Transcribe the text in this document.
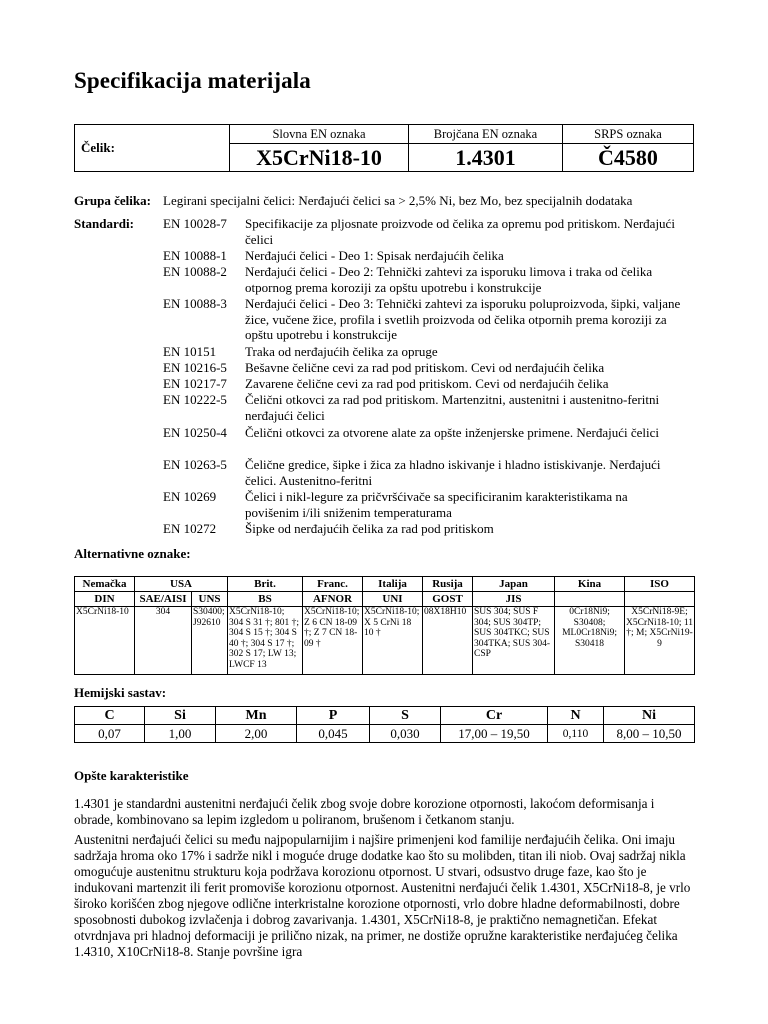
Specifikacija materijala
Čelik:	Slovna EN oznaka	Brojčana EN oznaka	SRPS oznaka
	X5CrNi18-10	1.4301	Č4580
Grupa čelika: Legirani specijalni čelici: Nerđajući čelici sa > 2,5% Ni, bez Mo, bez specijalnih dodataka
Standardi: EN 10028-7	Specifikacije za pljosnate proizvode od čelika za opremu pod pritiskom. Nerđajući čelici
EN 10088-1	Nerđajući čelici - Deo 1: Spisak nerđajućih čelika
EN 10088-2	Nerđajući čelici - Deo 2: Tehnički zahtevi za isporuku limova i traka od čelika otpornog prema koroziji za opštu upotrebu i konstrukcije
EN 10088-3	Nerđajući čelici - Deo 3: Tehnički zahtevi za isporuku poluproizvoda, šipki, valjane žice, vučene žice, profila i svetlih proizvoda od čelika otpornih prema koroziji za opštu upotrebu i konstrukcije
EN 10151	Traka od nerđajućih čelika za opruge
EN 10216-5	Bešavne čelične cevi za rad pod pritiskom. Cevi od nerđajućih čelika
EN 10217-7	Zavarene čelične cevi za rad pod pritiskom. Cevi od nerđajućih čelika
EN 10222-5	Čelični otkovci za rad pod pritiskom. Martenzitni, austenitni i austenitno-feritni nerđajući čelici
EN 10250-4	Čelični otkovci za otvorene alate za opšte inženjerske primene. Nerđajući čelici
EN 10263-5	Čelične gredice, šipke i žica za hladno iskivanje i hladno istiskivanje. Nerđajući čelici. Austenitno-feritni
EN 10269	Čelici i nikl-legure za pričvršćivače sa specificiranim karakteristikama na povišenim i/ili sniženim temperaturama
EN 10272	Šipke od nerđajućih čelika za rad pod pritiskom
Alternativne oznake:
Nemačka	USA		Brit.	Franc.	Italija	Rusija	Japan	Kina	ISO
DIN	SAE/AISI	UNS	BS	AFNOR	UNI	GOST	JIS		
X5CrNi18-10	304	S30400; J92610	X5CrNi18-10; 304 S 31 †; 801 †; 304 S 15 †; 304 S 40 †; 304 S 17 †; 302 S 17; LW 13; LWCF 13	X5CrNi18-10; Z 6 CN 18-09 †; Z 7 CN 18-09 †	X5CrNi18-10; X 5 CrNi 18 10 †	08X18H10	SUS 304; SUS F 304; SUS 304TP; SUS 304TKC; SUS 304TKA; SUS 304-CSP	0Cr18Ni9; S30408; ML0Cr18Ni9; S30418	X5CrNi18-9E; X5CrNi18-10; 11 †; M; X5CrNi19-9
Hemijski sastav:
C	Si	Mn	P	S	Cr	N	Ni
0,07	1,00	2,00	0,045	0,030	17,00 – 19,50	0,110	8,00 – 10,50
Opšte karakteristike
1.4301 je standardni austenitni nerđajući čelik zbog svoje dobre korozione otpornosti, lakoćom deformisanja i obrade, kombinovano sa lepim izgledom u poliranom, brušenom i četkanom stanju.
Austenitni nerđajući čelici su među najpopularnijim i najšire primenjeni kod familije nerđajućih čelika. Oni imaju sadržaja hroma oko 17% i sadrže nikl i moguće druge dodatke kao što su molibden, titan ili niob. Ovaj sadržaj nikla omogućuje austenitnu strukturu koja podržava korozionu otpornost. U stvari, odsustvo druge faze, kao što je indukovani martenzit ili ferit promoviše korozionu otpornost. Austenitni nerđajući čelik 1.4301, X5CrNi18-8, je vrlo široko korišćen zbog njegove odlične interkristalne korozione otpornosti, vrlo dobre hladne deformabilnosti, dobre sposobnosti dubokog izvlačenja i dobrog zavarivanja. 1.4301, X5CrNi18-8, je praktično nemagnetičan. Efekat otvrdnjava pri hladnoj deformaciji je prilično nizak, na primer, ne dostiže opružne karakteristike nerđajućeg čelika 1.4310, X10CrNi18-8. Stanje površine igra
